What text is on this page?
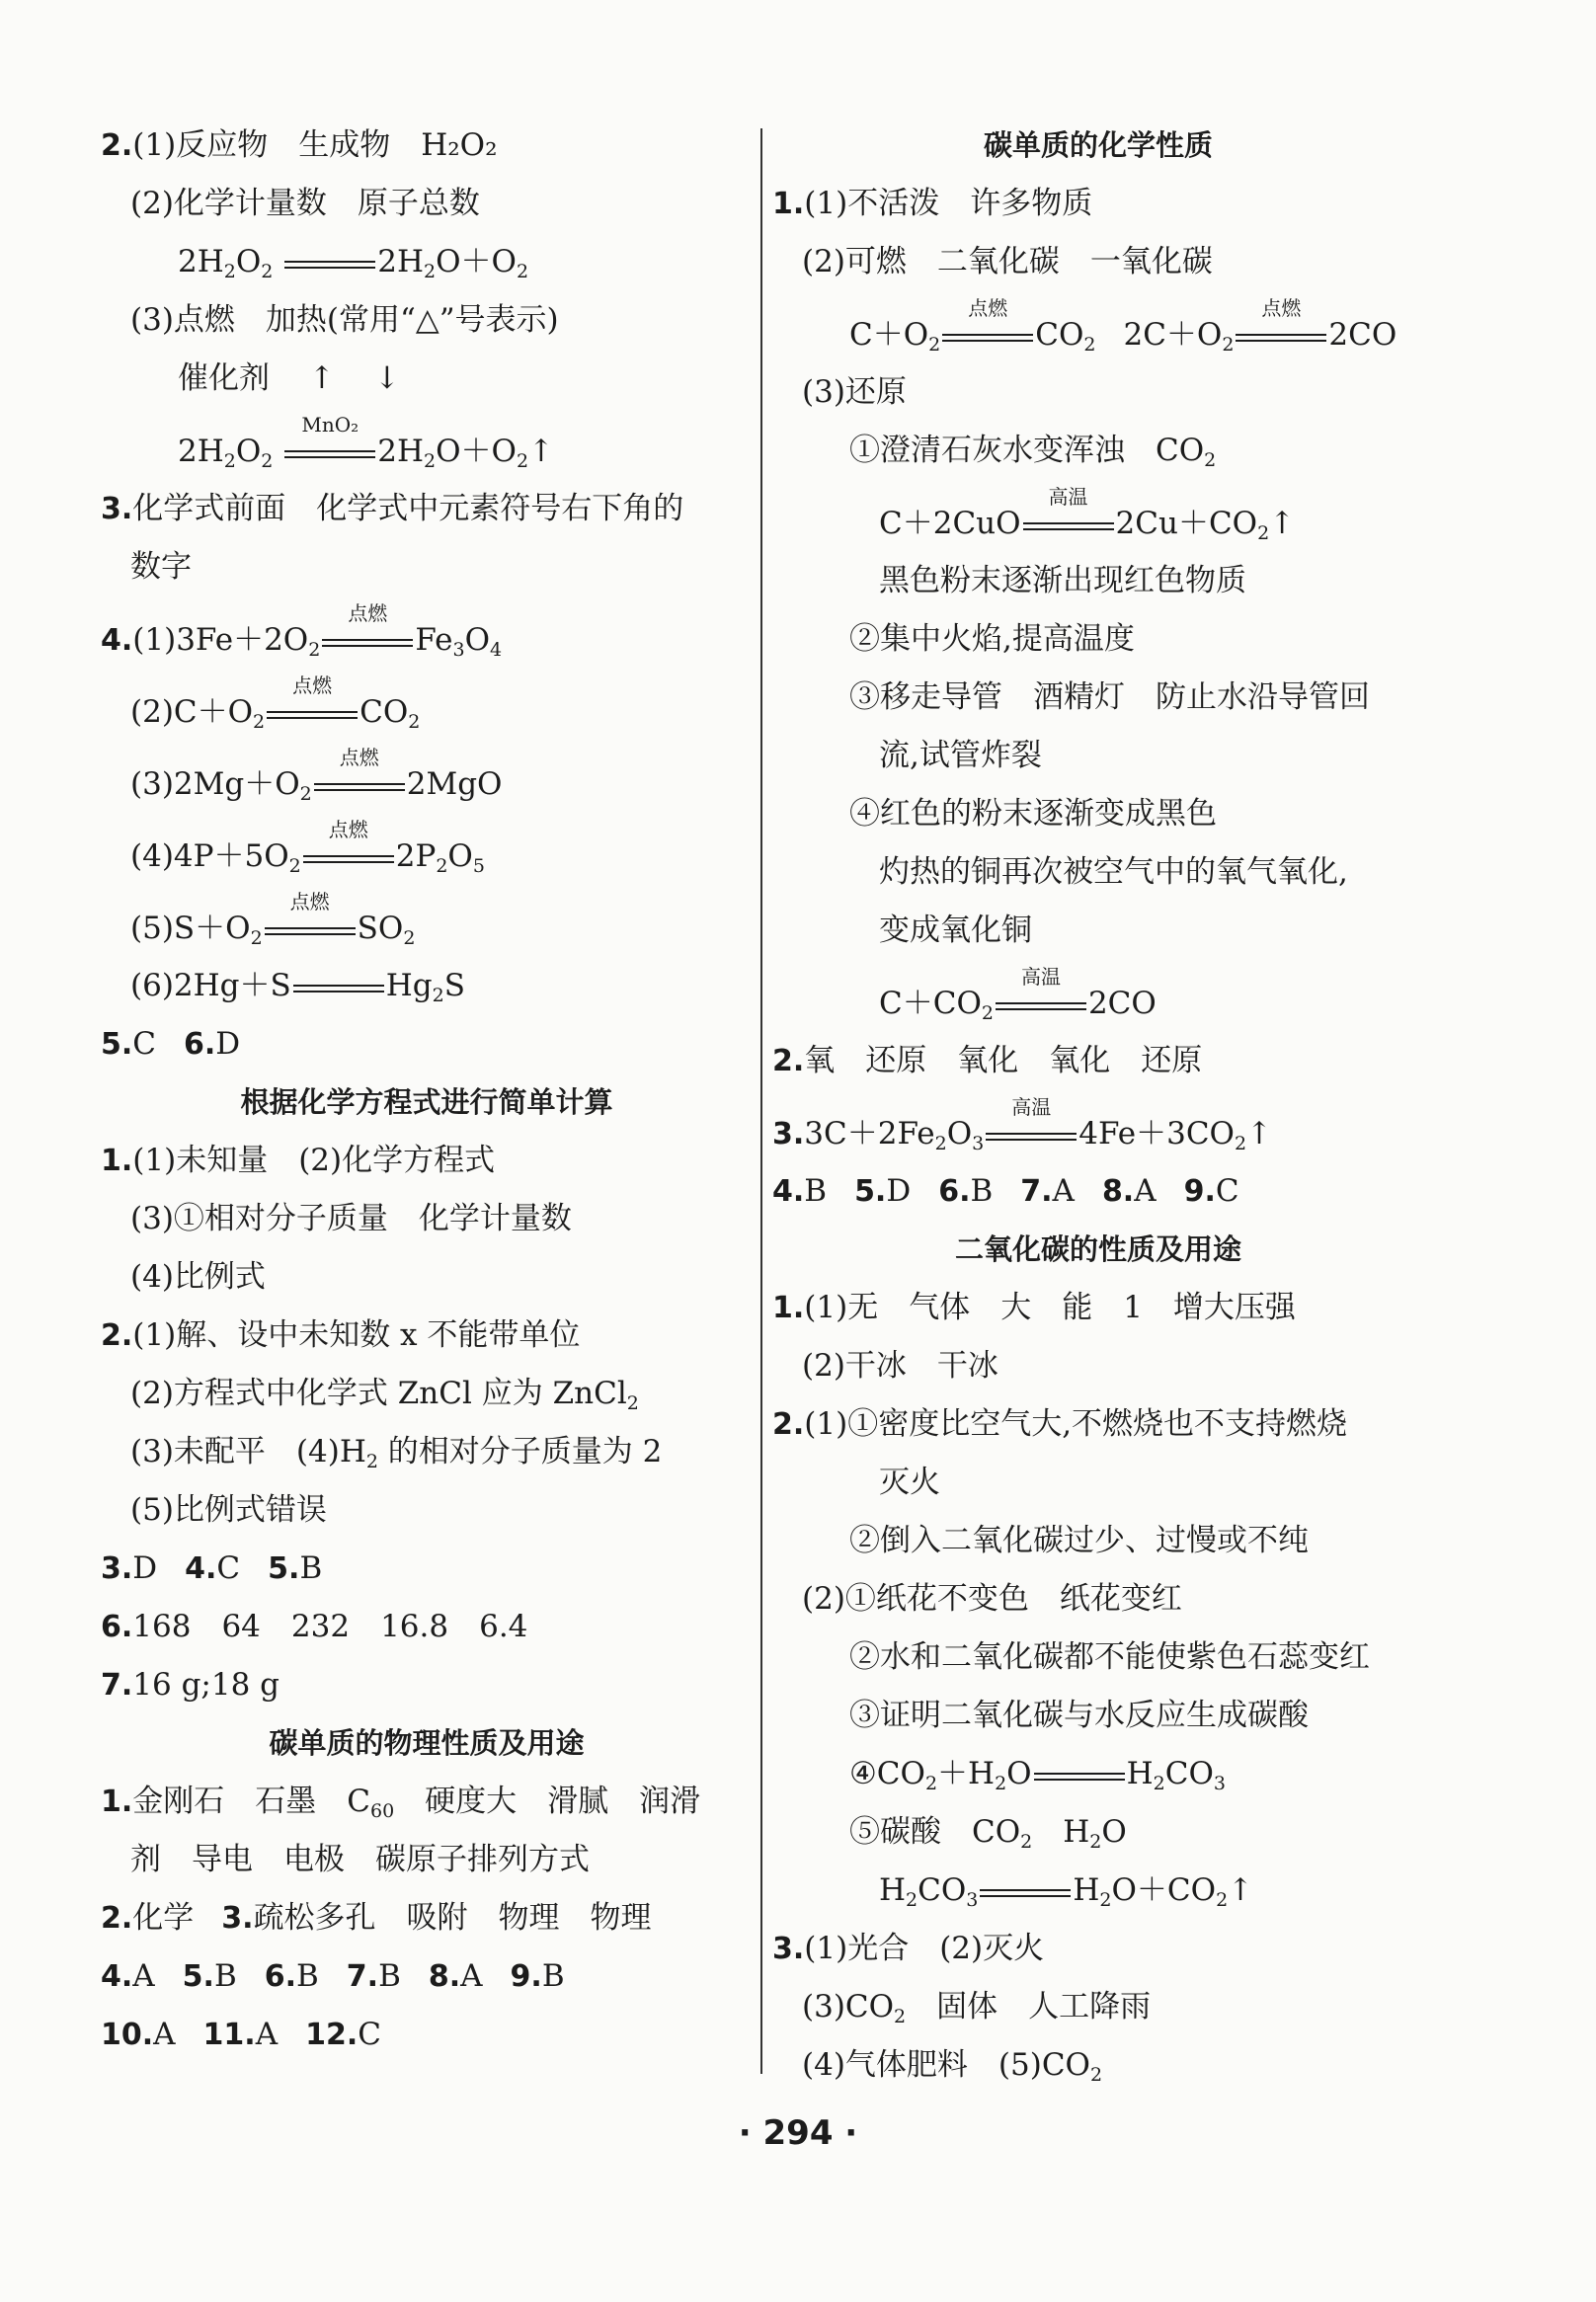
2.(1)反应物　生成物　H₂O₂
(2)化学计量数　原子总数
$2H_2O_2$	$2H_2O+O_2$
(3)点燃　加热(常用“△”号表示)
催化剂 ↑ ↓
$2H_2O_2$
MnO₂
$2H_2O+O_2↑$
3.化学式前面　化学式中元素符号右下角的
数字
$4.(1)3Fe+2O_2$
点燃
$Fe_3O_4$
$(2)C+O_2$
点燃
$CO_2$
$(3)2Mg+O_2$
点燃
2MgO
$(4)4P+5O_2$
点燃
$2P_2O_5$
$(5)S+O_2$
点燃
$SO_2$
(6)2Hg＋S	$Hg_2S$
5.C 6.D
根据化学方程式进行简单计算
1.(1)未知量　(2)化学方程式
(3)①相对分子质量　化学计量数
(4)比例式
2.(1)解、设中未知数 x 不能带单位
(2)方程式中化学式 ZnCl 应为 ZnCl$_2$
(3)未配平　$(4)H_2$ 的相对分子质量为 2
(5)比例式错误
3.D 4.C 5.B
6.168　64　232　16.8　6.4
7.16 g;18 g
碳单质的物理性质及用途
1.金刚石　石墨　$C_{60}$　硬度大　滑腻　润滑
剂　导电　电极　碳原子排列方式
2.化学 3.疏松多孔　吸附　物理　物理
4.A 5.B 6.B 7.B 8.A 9.B
10.A 11.A 12.C
碳单质的化学性质
1.(1)不活泼　许多物质
(2)可燃　二氧化碳　一氧化碳
$C+O_2$
点燃
$CO_2$ $2C+O_2$
点燃
2CO
(3)还原
①澄清石灰水变浑浊　$CO_2$
C＋2CuO
高温
$2Cu+CO_2↑$
黑色粉末逐渐出现红色物质
②集中火焰,提高温度
③移走导管　酒精灯　防止水沿导管回
流,试管炸裂
④红色的粉末逐渐变成黑色
灼热的铜再次被空气中的氧气氧化,
变成氧化铜
$C+CO_2$
高温
2CO
2.氧　还原　氧化　氧化　还原
$3.3C+2Fe_2O_3$
高温
$4Fe+3CO_2↑$
4.B 5.D 6.B 7.A 8.A 9.C
二氧化碳的性质及用途
1.(1)无　气体　大　能　1　增大压强
(2)干冰　干冰
2.(1)①密度比空气大,不燃烧也不支持燃烧
灭火
②倒入二氧化碳过少、过慢或不纯
(2)①纸花不变色　纸花变红
②水和二氧化碳都不能使紫色石蕊变红
③证明二氧化碳与水反应生成碳酸
$④CO_2+H_2O$	$H_2CO_3$
⑤碳酸　$CO_2$　$H_2O$
$H_2CO_3$	$H_2O+CO_2↑$
3.(1)光合　(2)灭火
$(3)CO_2$　固体　人工降雨
(4)气体肥料　$(5)CO_2$
· 294 ·
